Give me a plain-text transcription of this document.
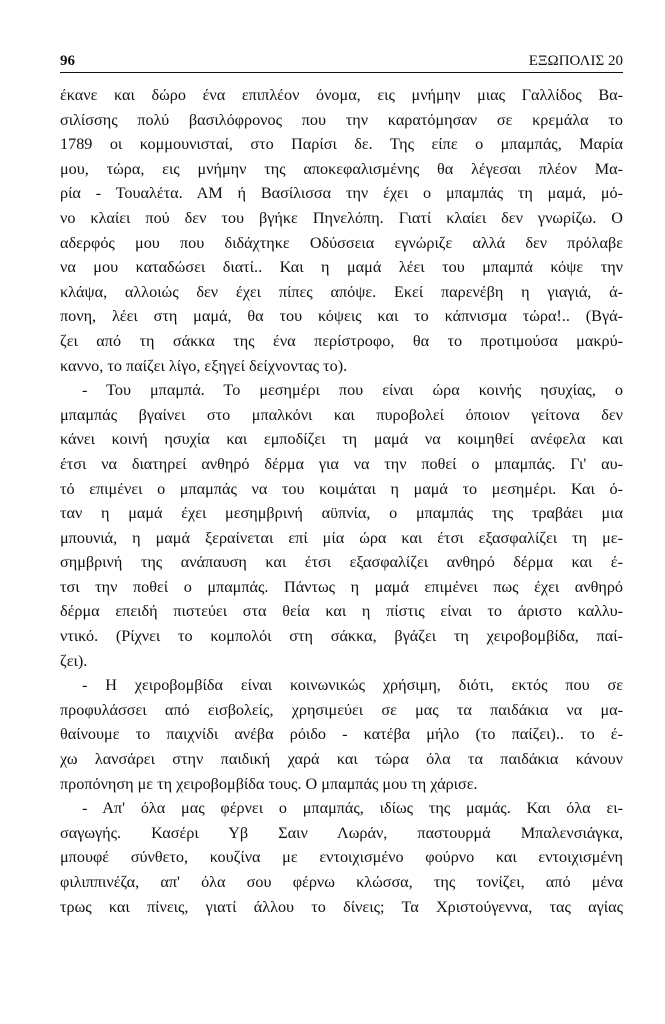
96	ΕΞΩΠΟΛΙΣ 20
έκανε και δώρο ένα επιπλέον όνομα, εις μνήμην μιας Γαλλίδος Βα-
σιλίσσης πολύ βασιλόφρονος που την καρατόμησαν σε κρεμάλα το
1789 οι κομμουνισταί, στο Παρίσι δε. Της είπε ο μπαμπάς, Μαρία
μου, τώρα, εις μνήμην της αποκεφαλισμένης θα λέγεσαι πλέον Μα-
ρία - Τουαλέτα. ΑΜ ή Βασίλισσα την έχει ο μπαμπάς τη μαμά, μό-
νο κλαίει πού δεν του βγήκε Πηνελόπη. Γιατί κλαίει δεν γνωρίζω. Ο
αδερφός μου που διδάχτηκε Οδύσσεια εγνώριζε αλλά δεν πρόλαβε
να μου καταδώσει διατί.. Και η μαμά λέει του μπαμπά κόψε την
κλάψα, αλλοιώς δεν έχει πίπες απόψε. Εκεί παρενέβη η γιαγιά, ά-
πονη, λέει στη μαμά, θα του κόψεις και το κάπνισμα τώρα!.. (Βγά-
ζει από τη σάκκα της ένα περίστροφο, θα το προτιμούσα μακρύ-
καννο, το παίζει λίγο, εξηγεί δείχνοντας το).
- Του μπαμπά. Το μεσημέρι που είναι ώρα κοινής ησυχίας, ο
μπαμπάς βγαίνει στο μπαλκόνι και πυροβολεί όποιον γείτονα δεν
κάνει κοινή ησυχία και εμποδίζει τη μαμά να κοιμηθεί ανέφελα και
έτσι να διατηρεί ανθηρό δέρμα για να την ποθεί ο μπαμπάς. Γι' αυ-
τό επιμένει ο μπαμπάς να του κοιμάται η μαμά το μεσημέρι. Και ό-
ταν η μαμά έχει μεσημβρινή αϋπνία, ο μπαμπάς της τραβάει μια
μπουνιά, η μαμά ξεραίνεται επί μία ώρα και έτσι εξασφαλίζει τη με-
σημβρινή της ανάπαυση και έτσι εξασφαλίζει ανθηρό δέρμα και έ-
τσι την ποθεί ο μπαμπάς. Πάντως η μαμά επιμένει πως έχει ανθηρό
δέρμα επειδή πιστεύει στα θεία και η πίστις είναι το άριστο καλλυ-
ντικό. (Ρίχνει το κομπολόι στη σάκκα, βγάζει τη χειροβομβίδα, παί-
ζει).
- Η χειροβομβίδα είναι κοινωνικώς χρήσιμη, διότι, εκτός που σε
προφυλάσσει από εισβολείς, χρησιμεύει σε μας τα παιδάκια να μα-
θαίνουμε το παιχνίδι ανέβα ρόιδο - κατέβα μήλο (το παίζει).. το έ-
χω λανσάρει στην παιδική χαρά και τώρα όλα τα παιδάκια κάνουν
προπόνηση με τη χειροβομβίδα τους. Ο μπαμπάς μου τη χάρισε.
- Απ' όλα μας φέρνει ο μπαμπάς, ιδίως της μαμάς. Και όλα ει-
σαγωγής. Κασέρι Υβ Σαιν Λωράν, παστουρμά Μπαλενσιάγκα,
μπουφέ σύνθετο, κουζίνα με εντοιχισμένο φούρνο και εντοιχισμένη
φιλιππινέζα, απ' όλα σου φέρνω κλώσσα, της τονίζει, από μένα
τρως και πίνεις, γιατί άλλου το δίνεις; Τα Χριστούγεννα, τας αγίας
